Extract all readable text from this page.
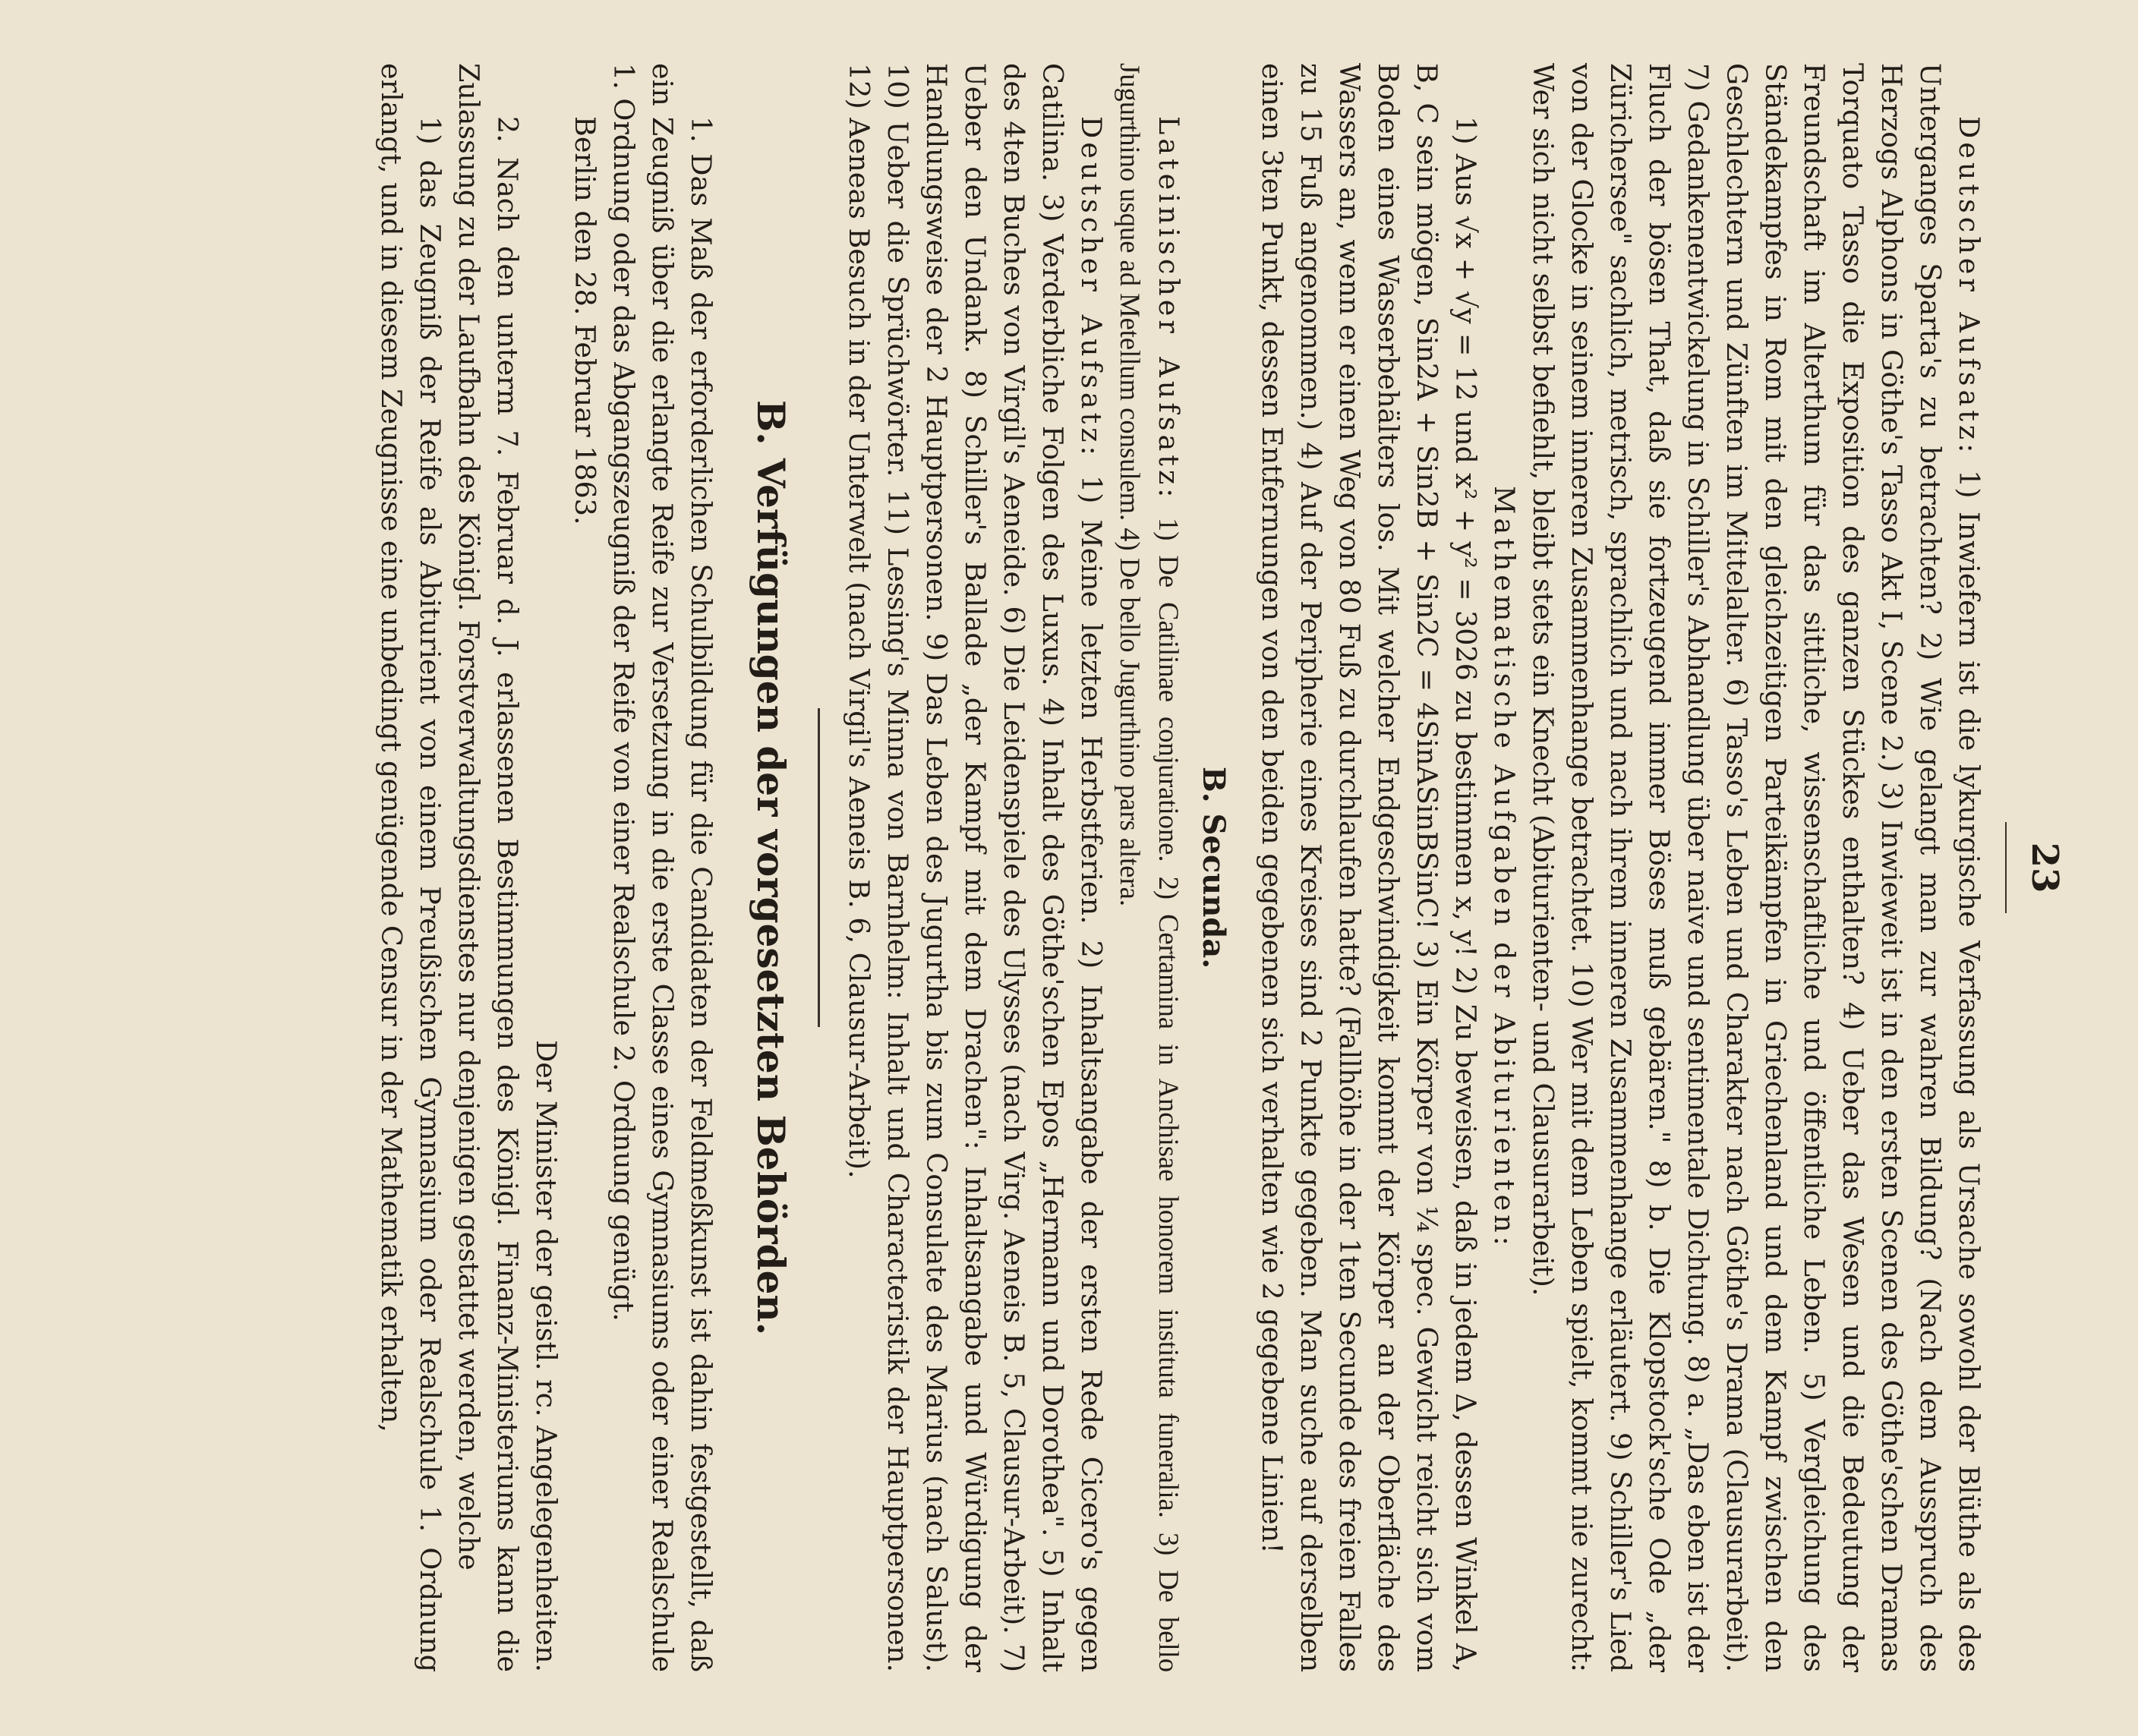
23

Deutscher Aufsatz: 1) Inwiefern ist die lykurgische Verfassung als Ursache sowohl der Blüthe als des Unterganges Sparta's zu betrachten? 2) Wie gelangt man zur wahren Bildung? (Nach dem Ausspruch des Herzogs Alphons in Göthe's Tasso Akt I, Scene 2.) 3) Inwieweit ist in den ersten Scenen des Göthe'schen Dramas Torquato Tasso die Exposition des ganzen Stückes enthalten? 4) Ueber das Wesen und die Bedeutung der Freundschaft im Alterthum für das sittliche, wissenschaftliche und öffentliche Leben. 5) Vergleichung des Ständekampfes in Rom mit den gleichzeitigen Parteikämpfen in Griechenland und dem Kampf zwischen den Geschlechtern und Zünften im Mittelalter. 6) Tasso's Leben und Charakter nach Göthe's Drama (Clausurarbeit). 7) Gedankenentwickelung in Schiller's Abhandlung über naive und sentimentale Dichtung. 8) a. „Das eben ist der Fluch der bösen That, daß sie fortzeugend immer Böses muß gebären." 8) b. Die Klopstock'sche Ode „der Zürichersee" sachlich, metrisch, sprachlich und nach ihrem inneren Zusammenhange erläutert. 9) Schiller's Lied von der Glocke in seinem inneren Zusammenhange betrachtet. 10) Wer mit dem Leben spielt, kommt nie zurecht: Wer sich nicht selbst befiehlt, bleibt stets ein Knecht (Abiturienten- und Clausurarbeit).

Mathematische Aufgaben der Abiturienten:

1) Aus √x + √y = 12 und x² + y² = 3026 zu bestimmen x, y! 2) Zu beweisen, daß in jedem Δ, dessen Winkel A, B, C sein mögen, Sin2A + Sin2B + Sin2C = 4SinASinBSinC! 3) Ein Körper von ¼ spec. Gewicht reicht sich vom Boden eines Wasserbehälters los. Mit welcher Endgeschwindigkeit kommt der Körper an der Oberfläche des Wassers an, wenn er einen Weg von 80 Fuß zu durchlaufen hatte? (Fallhöhe in der 1ten Secunde des freien Falles zu 15 Fuß angenommen.) 4) Auf der Peripherie eines Kreises sind 2 Punkte gegeben. Man suche auf derselben einen 3ten Punkt, dessen Entfernungen von den beiden gegebenen sich verhalten wie 2 gegebene Linien!

B. Secunda.

Lateinischer Aufsatz: 1) De Catilinae conjuratione. 2) Certamina in Anchisae honorem instituta funeralia. 3) De bello Jugurthino usque ad Metellum consulem. 4) De bello Jugurthino pars altera.

Deutscher Aufsatz: 1) Meine letzten Herbstferien. 2) Inhaltsangabe der ersten Rede Cicero's gegen Catilina. 3) Verderbliche Folgen des Luxus. 4) Inhalt des Göthe'schen Epos „Hermann und Dorothea". 5) Inhalt des 4ten Buches von Virgil's Aeneide. 6) Die Leidenspiele des Ulysses (nach Virg. Aeneis B. 5, Clausur-Arbeit). 7) Ueber den Undank. 8) Schiller's Ballade „der Kampf mit dem Drachen": Inhaltsangabe und Würdigung der Handlungsweise der 2 Hauptpersonen. 9) Das Leben des Jugurtha bis zum Consulate des Marius (nach Salust). 10) Ueber die Sprüchwörter. 11) Lessing's Minna von Barnhelm: Inhalt und Characteristik der Hauptpersonen. 12) Aeneas Besuch in der Unterwelt (nach Virgil's Aeneis B. 6, Clausur-Arbeit).

B. Verfügungen der vorgesetzten Behörden.

1. Das Maß der erforderlichen Schulbildung für die Candidaten der Feldmeßkunst ist dahin festgestellt, daß ein Zeugniß über die erlangte Reife zur Versetzung in die erste Classe eines Gymnasiums oder einer Realschule 1. Ordnung oder das Abgangszeugniß der Reife von einer Realschule 2. Ordnung genügt.

Berlin den 28. Februar 1863.

Der Minister der geistl. rc. Angelegenheiten.

2. Nach den unterm 7. Februar d. J. erlassenen Bestimmungen des Königl. Finanz-Ministeriums kann die Zulassung zu der Laufbahn des Königl. Forstverwaltungsdienstes nur denjenigen gestattet werden, welche

1) das Zeugniß der Reife als Abiturient von einem Preußischen Gymnasium oder Realschule 1. Ordnung erlangt, und in diesem Zeugnisse eine unbedingt genügende Censur in der Mathematik erhalten,
